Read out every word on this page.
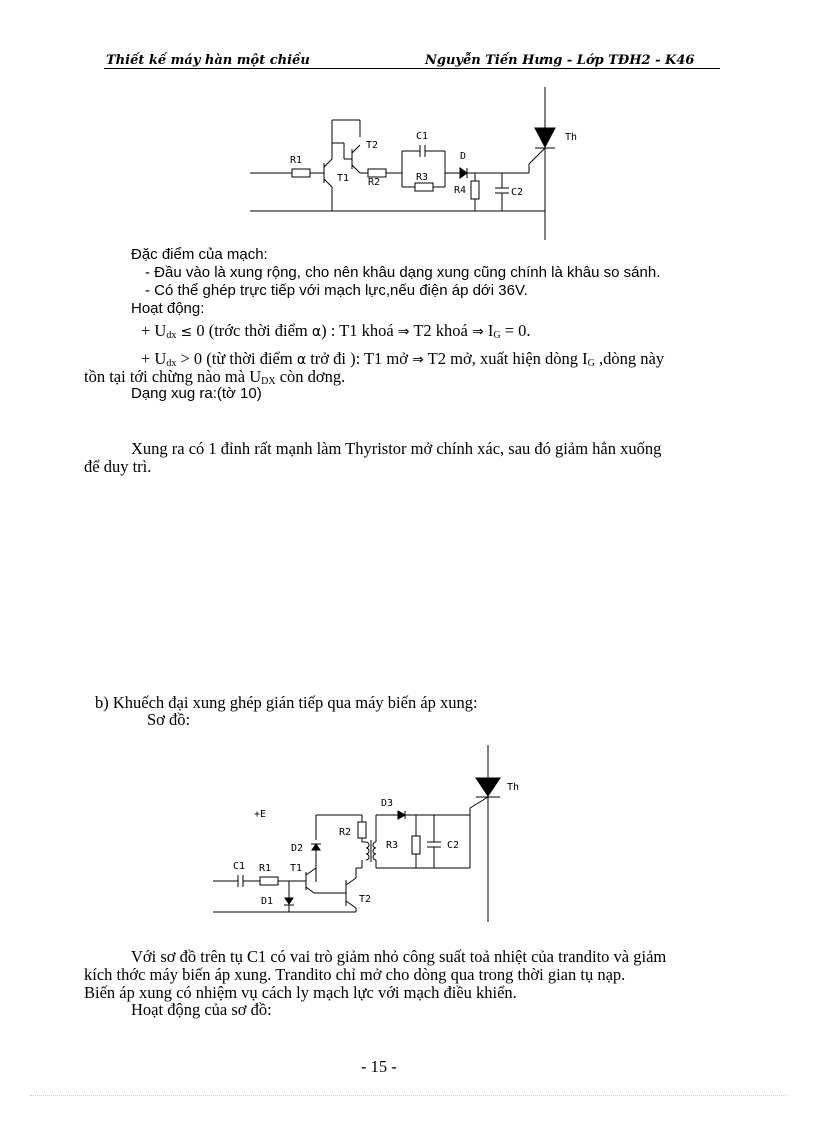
Thiết kế máy hàn một chiều	Nguyễn Tiến Hưng - Lớp TĐH2 - K46
R1
T1
T2
R2
C1
R3
D
R4	C2
Th
Đặc điểm của mạch:
- Đầu vào là xung rộng, cho nên khâu dạng xung cũng chính là khâu so sánh.
- Có thể ghép trực tiếp với mạch lực,nếu điện áp dới 36V.
Hoạt động:
+ $U_{dx} \le 0$ (trớc thời điểm α) : T1 khoá ⇒ T2 khoá ⇒ $I_G = 0$.
+ $U_{dx} > 0$ (từ thời điểm α trở đi ): T1 mở ⇒ T2 mở, xuất hiện dòng $I_G$ ,dòng này
tồn tại tới chừng nào mà $U_{DX}$ còn dơng.
Dạng xug ra:(tờ 10)
Xung ra có 1 đỉnh rất mạnh làm Thyristor mở chính xác, sau đó giảm hẳn xuống
để duy trì.
b) Khuếch đại xung ghép gián tiếp qua máy biến áp xung:
Sơ đồ:
+E
D3
Th
R2
R3	C2
D2
C1 R1 T1
T2
D1
Với sơ đồ trên tụ C1 có vai trò giảm nhỏ công suất toả nhiệt của trandito và giảm
kích thớc máy biến áp xung. Trandito chỉ mở cho dòng qua trong thời gian tụ nạp.
Biến áp xung có nhiệm vụ cách ly mạch lực với mạch điều khiển.
Hoạt động của sơ đồ:
- 15 -
